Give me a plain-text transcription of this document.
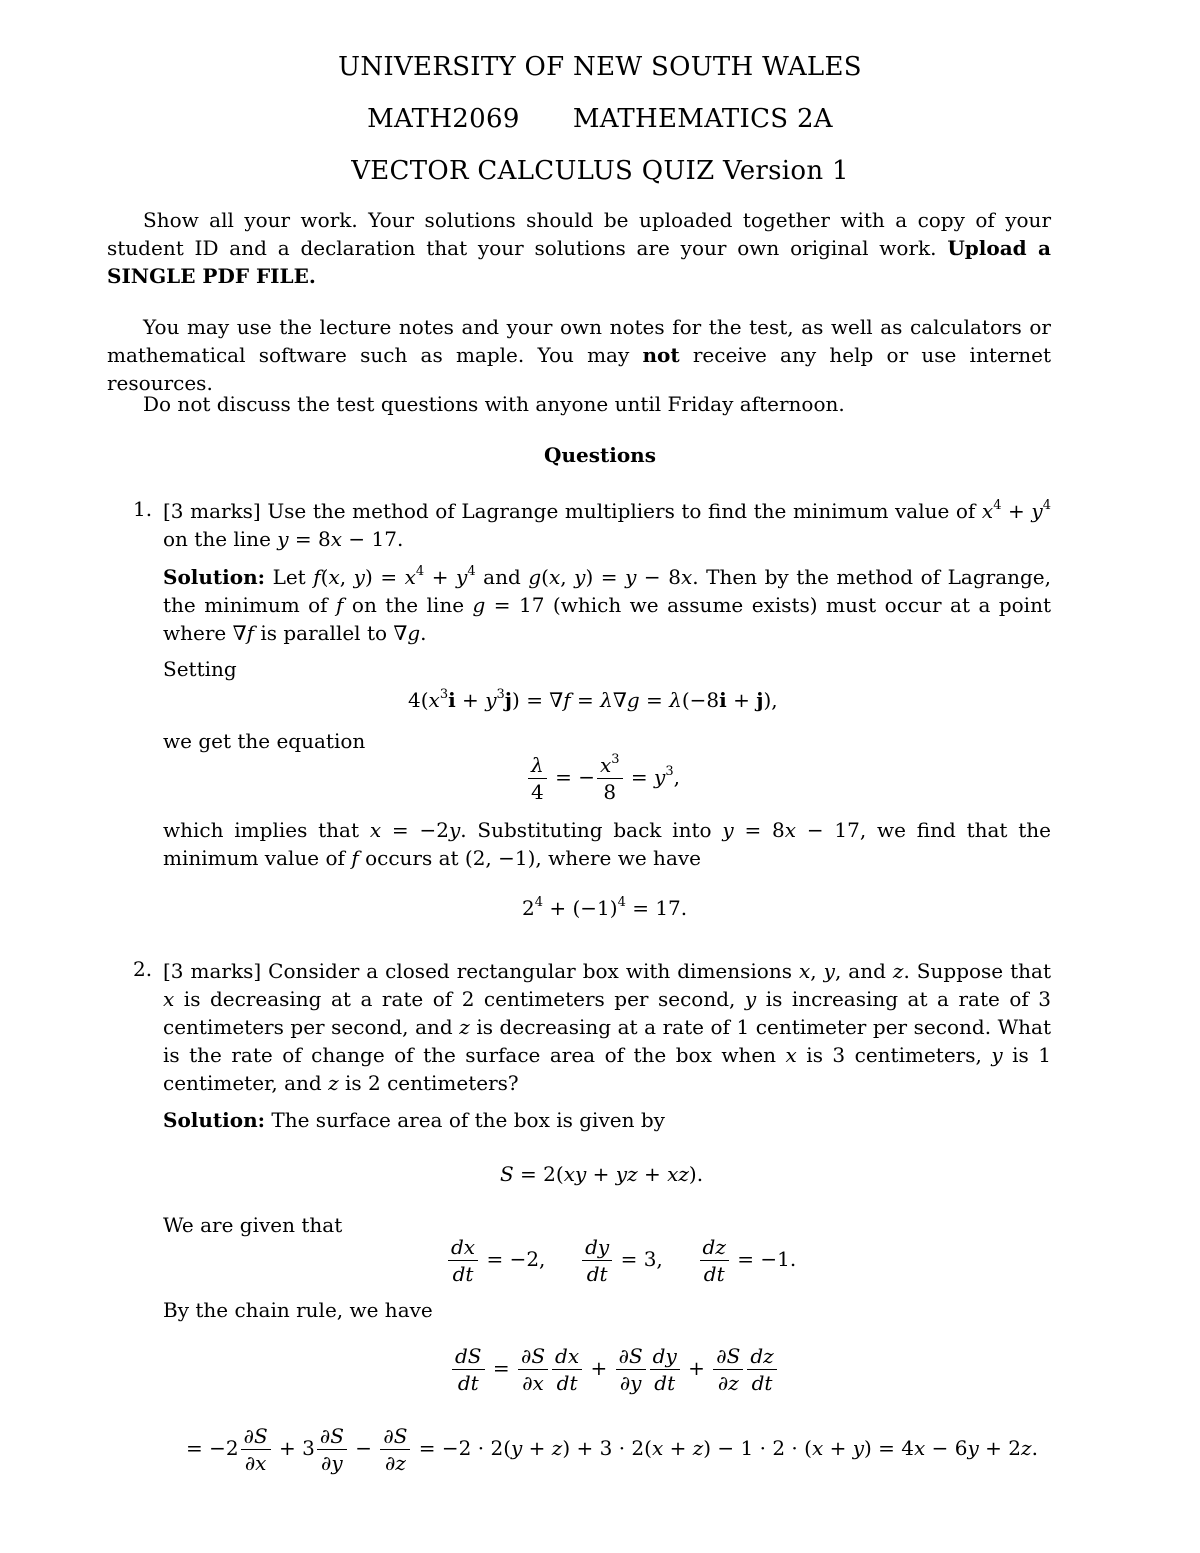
UNIVERSITY OF NEW SOUTH WALES
MATH2069 MATHEMATICS 2A
VECTOR CALCULUS QUIZ Version 1
Show all your work. Your solutions should be uploaded together with a copy of your student ID and a declaration that your solutions are your own original work. Upload a SINGLE PDF FILE.
You may use the lecture notes and your own notes for the test, as well as calculators or mathematical software such as maple. You may not receive any help or use internet resources.
Do not discuss the test questions with anyone until Friday afternoon.
Questions
1. [3 marks] Use the method of Lagrange multipliers to find the minimum value of $x^4 + y^4$ on the line y = 8x − 17.
Solution: Let f(x, $y) = x^4 + y^4$ and g(x, y) = y − 8x. Then by the method of Lagrange, the minimum of f on the line g = 17 (which we assume exists) must occur at a point where ∇f is parallel to ∇g.
Setting
$4(x^3i + y^3j) = \nabla f = \lambda\nabla g = \lambda(-8i + j)$,
we get the equation
$\frac{\lambda}{4}$ = − $\frac{x^3}{8} = y^3$,
which implies that x = −2y. Substituting back into y = 8x − 17, we find that the minimum value of f occurs at (2, −1), where we have
$2^4 + (-1)^4 = 17$.
2. [3 marks] Consider a closed rectangular box with dimensions x, y, and z. Suppose that x is decreasing at a rate of 2 centimeters per second, y is increasing at a rate of 3 centimeters per second, and z is decreasing at a rate of 1 centimeter per second. What is the rate of change of the surface area of the box when x is 3 centimeters, y is 1 centimeter, and z is 2 centimeters?
Solution: The surface area of the box is given by
S = 2(xy + yz + xz).
We are given that
$\frac{dx}{dt} = -2$, $\frac{dy}{dt} = 3$, $\frac{dz}{dt} = -1$.
By the chain rule, we have
$\frac{dS}{dt} = \frac{\partial S}{\partial x} \frac{dx}{dt} + \frac{\partial S}{\partial y} \frac{dy}{dt} + \frac{\partial S}{\partial z} \frac{dz}{dt}$
= $-2 \frac{\partial S}{\partial x} + 3 \frac{\partial S}{\partial y} - \frac{\partial S}{\partial z} = -2 \cdot 2(y + z) + 3 \cdot 2(x + z) - 1 \cdot 2 \cdot (x + y) = 4x - 6y + 2z$.
